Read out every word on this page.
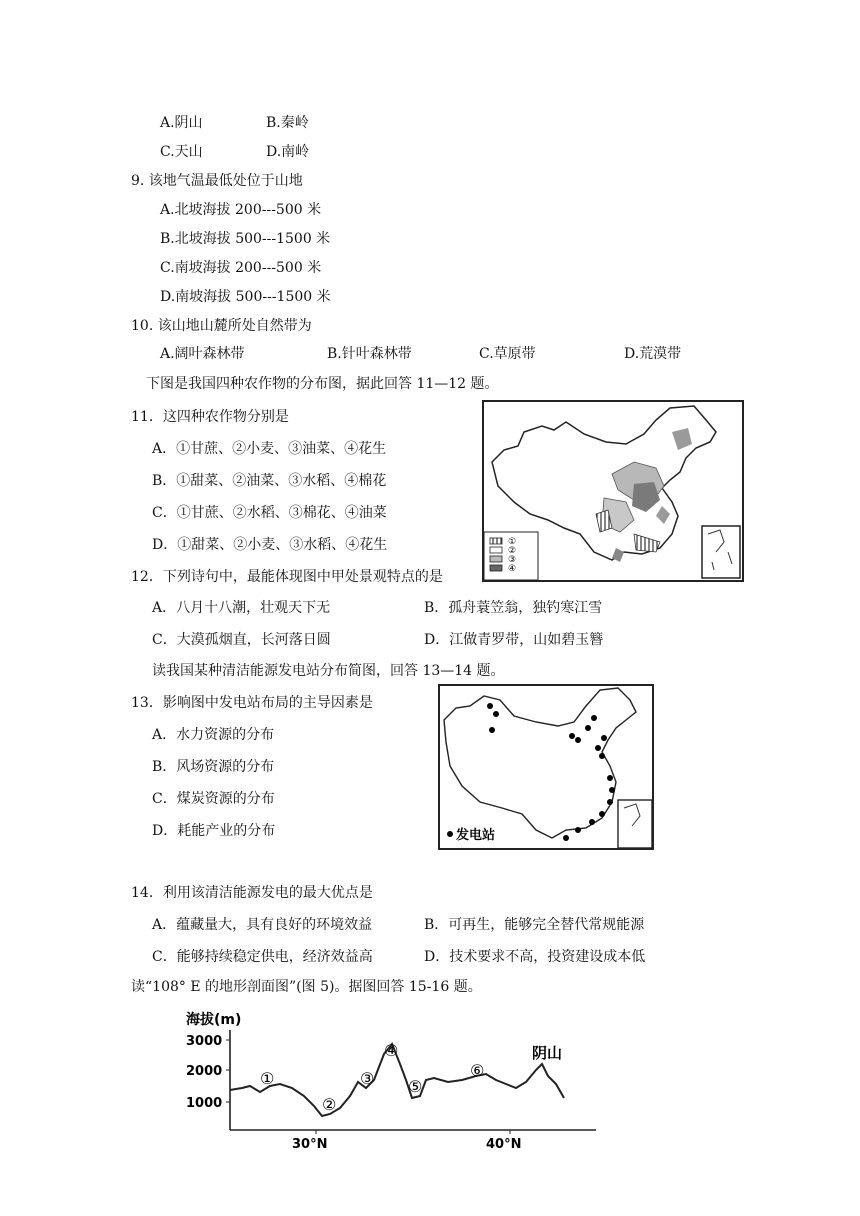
A.阴山	B.秦岭
C.天山	D.南岭
9. 该地气温最低处位于山地
A.北坡海拔 200---500 米
B.北坡海拔 500---1500 米
C.南坡海拔 200---500 米
D.南坡海拔 500---1500 米
10. 该山地山麓所处自然带为
A.阔叶森林带	B.针叶森林带	C.草原带	D.荒漠带
下图是我国四种农作物的分布图，据此回答 11—12 题。
11．这四种农作物分别是
A．①甘蔗、②小麦、③油菜、④花生
B．①甜菜、②油菜、③水稻、④棉花
C．①甘蔗、②水稻、③棉花、④油菜
D．①甜菜、②小麦、③水稻、④花生	①
②
③
④
12．下列诗句中，最能体现图中甲处景观特点的是
A．八月十八潮，壮观天下无	B．孤舟蓑笠翁，独钓寒江雪
C．大漠孤烟直，长河落日圆	D．江做青罗带，山如碧玉簪
读我国某种清洁能源发电站分布简图，回答 13—14 题。
13．影响图中发电站布局的主导因素是
A．水力资源的分布
B．风场资源的分布
C．煤炭资源的分布
D．耗能产业的分布	发电站
14．利用该清洁能源发电的最大优点是
A．蕴藏量大，具有良好的环境效益	B．可再生，能够完全替代常规能源
C．能够持续稳定供电，经济效益高	D．技术要求不高，投资建设成本低
读“108° E 的地形剖面图”(图 5)。据图回答 15-16 题。
海拔(m)
3000
2000
1000
30°N	40°N
①
②
③
④
⑤
⑥
阴山
